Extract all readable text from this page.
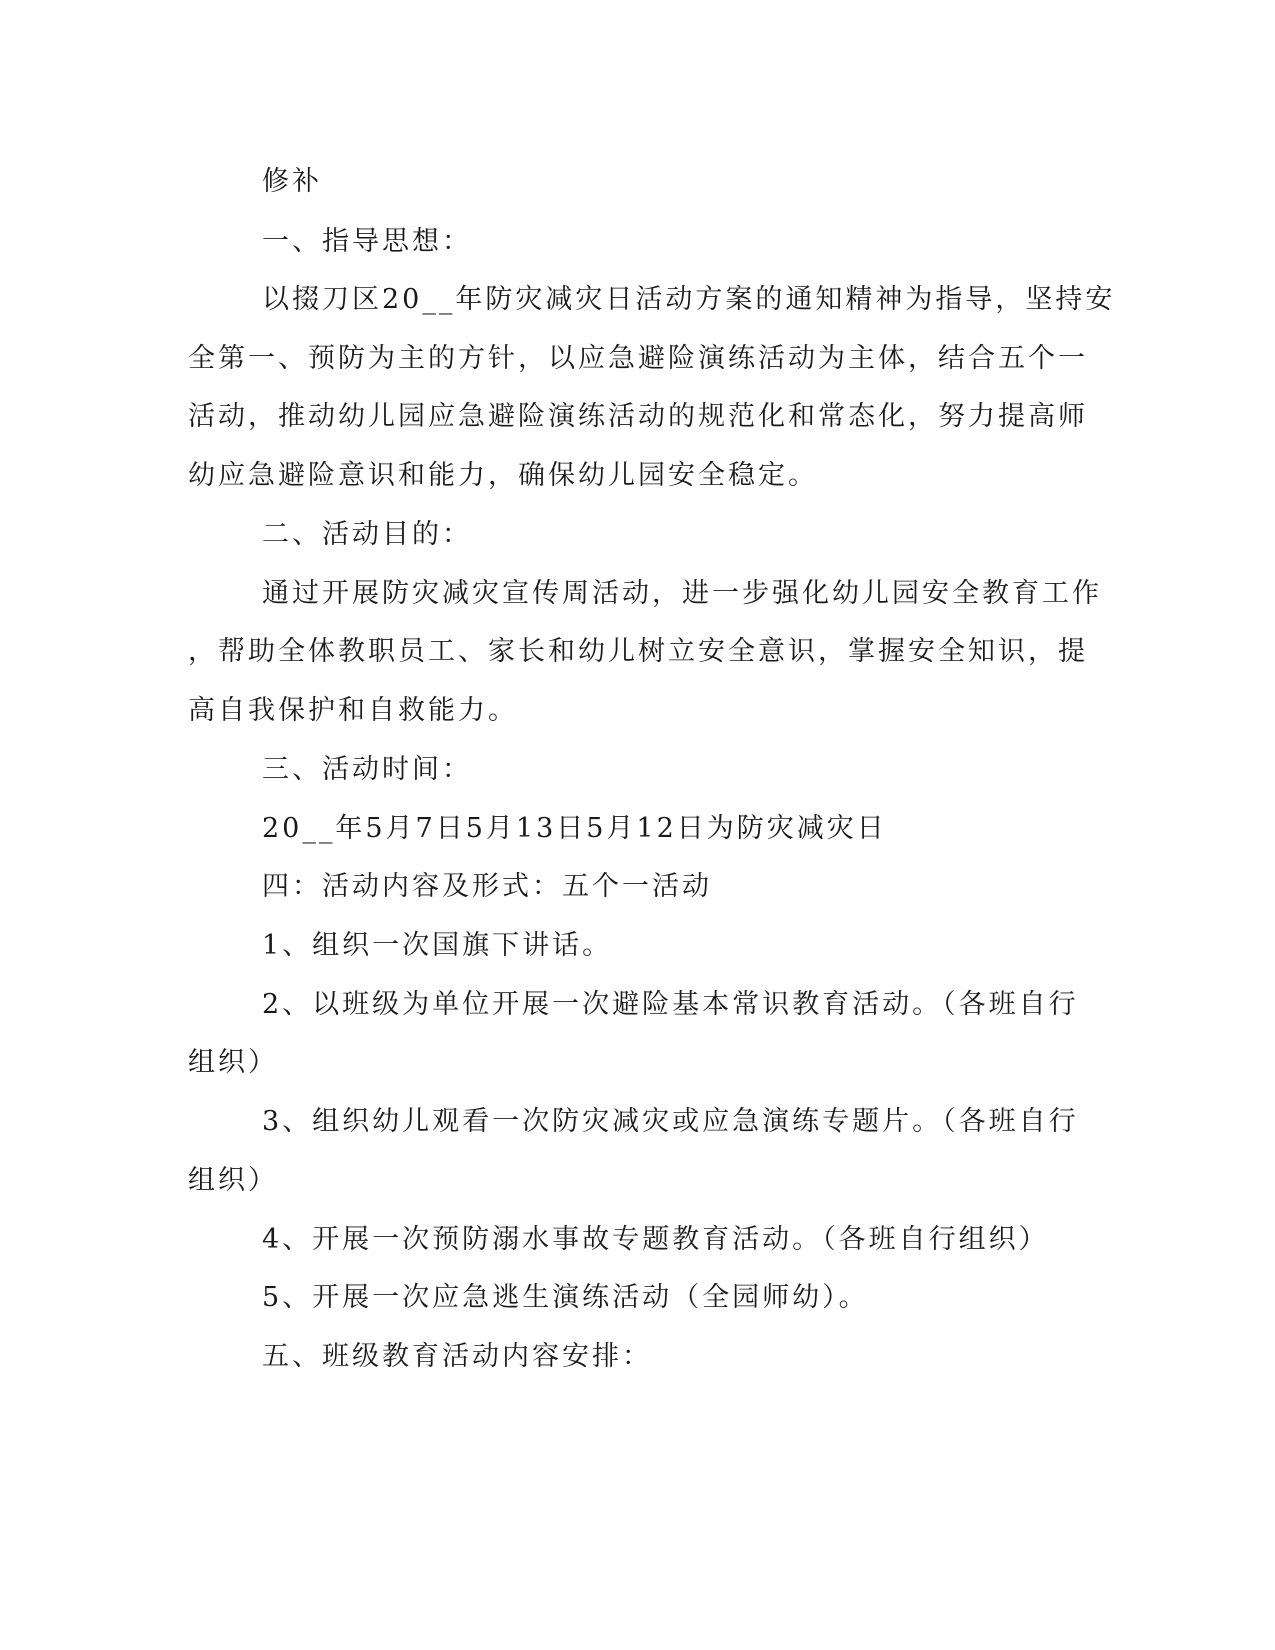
修补
一、指导思想：
以掇刀区20__年防灾减灾日活动方案的通知精神为指导，坚持安
全第一、预防为主的方针，以应急避险演练活动为主体，结合五个一
活动，推动幼儿园应急避险演练活动的规范化和常态化，努力提高师
幼应急避险意识和能力，确保幼儿园安全稳定。
二、活动目的：
通过开展防灾减灾宣传周活动，进一步强化幼儿园安全教育工作
，帮助全体教职员工、家长和幼儿树立安全意识，掌握安全知识，提
高自我保护和自救能力。
三、活动时间：
20__年5月7日5月13日5月12日为防灾减灾日
四：活动内容及形式：五个一活动
1、组织一次国旗下讲话。
2、以班级为单位开展一次避险基本常识教育活动。（各班自行
组织）
3、组织幼儿观看一次防灾减灾或应急演练专题片。（各班自行
组织）
4、开展一次预防溺水事故专题教育活动。（各班自行组织）
5、开展一次应急逃生演练活动（全园师幼）。
五、班级教育活动内容安排：
